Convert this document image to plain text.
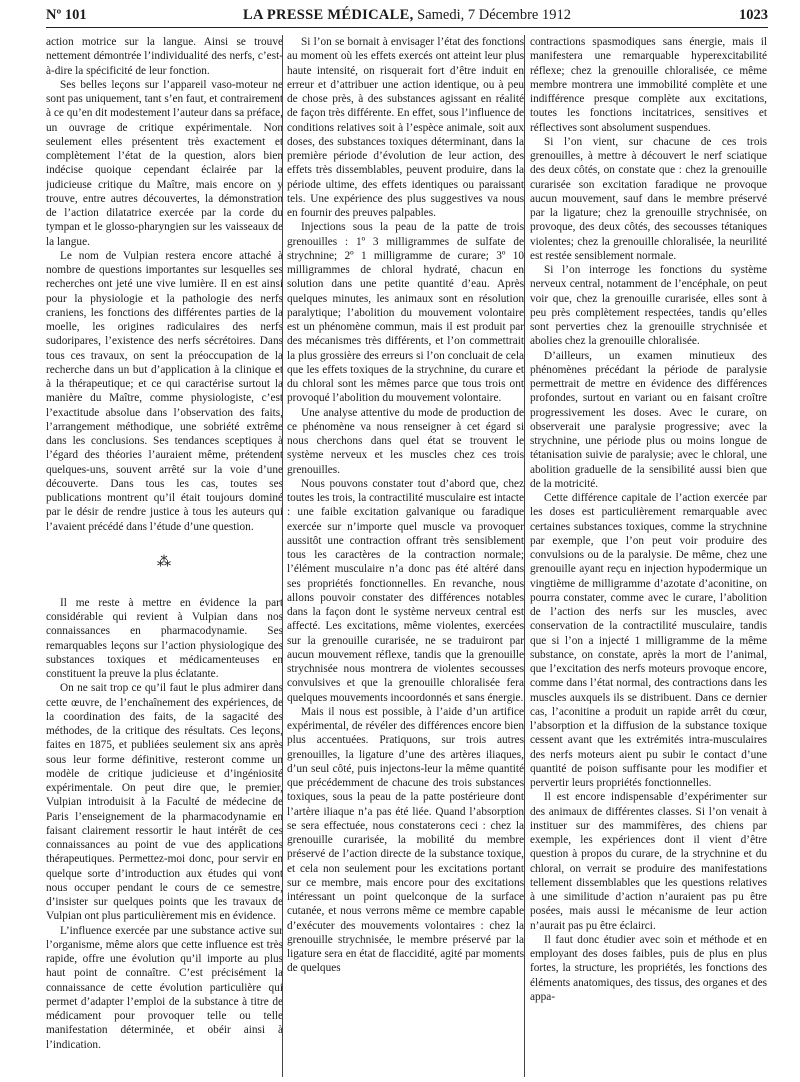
Nº 101	LA PRESSE MÉDICALE, Samedi, 7 Décembre 1912	1023

action motrice sur la langue. Ainsi se trouve nettement démontrée l’individualité des nerfs, c’est-à-dire la spécificité de leur fonction.

Ses belles leçons sur l’appareil vaso-moteur ne sont pas uniquement, tant s’en faut, et contrairement à ce qu’en dit modestement l’auteur dans sa préface, un ouvrage de critique expérimentale. Non seulement elles présentent très exactement et complètement l’état de la question, alors bien indécise quoique cependant éclairée par la judicieuse critique du Maître, mais encore on y trouve, entre autres découvertes, la démonstration de l’action dilatatrice exercée par la corde du tympan et le glosso-pharyngien sur les vaisseaux de la langue.

Le nom de Vulpian restera encore attaché à nombre de questions importantes sur lesquelles ses recherches ont jeté une vive lumière. Il en est ainsi pour la physiologie et la pathologie des nerfs craniens, les fonctions des différentes parties de la moelle, les origines radiculaires des nerfs sudoripares, l’existence des nerfs sécrétoires. Dans tous ces travaux, on sent la préoccupation de la recherche dans un but d’application à la clinique et à la thérapeutique; et ce qui caractérise surtout la manière du Maître, comme physiologiste, c’est l’exactitude absolue dans l’observation des faits, l’arrangement méthodique, une sobriété extrême dans les conclusions. Ses tendances sceptiques à l’égard des théories l’auraient même, prétendent quelques-uns, souvent arrêté sur la voie d’une découverte. Dans tous les cas, toutes ses publications montrent qu’il était toujours dominé par le désir de rendre justice à tous les auteurs qui l’avaient précédé dans l’étude d’une question.

⁂

Il me reste à mettre en évidence la part considérable qui revient à Vulpian dans nos connaissances en pharmacodynamie. Ses remarquables leçons sur l’action physiologique des substances toxiques et médicamenteuses en constituent la preuve la plus éclatante.

On ne sait trop ce qu’il faut le plus admirer dans cette œuvre, de l’enchaînement des expériences, de la coordination des faits, de la sagacité des méthodes, de la critique des résultats. Ces leçons, faites en 1875, et publiées seulement six ans après sous leur forme définitive, resteront comme un modèle de critique judicieuse et d’ingéniosité expérimentale. On peut dire que, le premier, Vulpian introduisit à la Faculté de médecine de Paris l’enseignement de la pharmacodynamie en faisant clairement ressortir le haut intérêt de ces connaissances au point de vue des applications thérapeutiques. Permettez-moi donc, pour servir en quelque sorte d’introduction aux études qui vont nous occuper pendant le cours de ce semestre, d’insister sur quelques points que les travaux de Vulpian ont plus particulièrement mis en évidence.

L’influence exercée par une substance active sur l’organisme, même alors que cette influence est très rapide, offre une évolution qu’il importe au plus haut point de connaître. C’est précisément la connaissance de cette évolution particulière qui permet d’adapter l’emploi de la substance à titre de médicament pour provoquer telle ou telle manifestation déterminée, et obéir ainsi à l’indication.

Si l’on se bornait à envisager l’état des fonctions au moment où les effets exercés ont atteint leur plus haute intensité, on risquerait fort d’être induit en erreur et d’attribuer une action identique, ou à peu de chose près, à des substances agissant en réalité de façon très différente. En effet, sous l’influence de conditions relatives soit à l’espèce animale, soit aux doses, des substances toxiques déterminant, dans la première période d’évolution de leur action, des effets très dissemblables, peuvent produire, dans la période ultime, des effets identiques ou paraissant tels. Une expérience des plus suggestives va nous en fournir des preuves palpables.

Injections sous la peau de la patte de trois grenouilles : 1º 3 milligrammes de sulfate de strychnine; 2º 1 milligramme de curare; 3º 10 milligrammes de chloral hydraté, chacun en solution dans une petite quantité d’eau. Après quelques minutes, les animaux sont en résolution paralytique; l’abolition du mouvement volontaire est un phénomène commun, mais il est produit par des mécanismes très différents, et l’on commettrait la plus grossière des erreurs si l’on concluait de cela que les effets toxiques de la strychnine, du curare et du chloral sont les mêmes parce que tous trois ont provoqué l’abolition du mouvement volontaire.

Une analyse attentive du mode de production de ce phénomène va nous renseigner à cet égard si nous cherchons dans quel état se trouvent le système nerveux et les muscles chez ces trois grenouilles.

Nous pouvons constater tout d’abord que, chez toutes les trois, la contractilité musculaire est intacte : une faible excitation galvanique ou faradique exercée sur n’importe quel muscle va provoquer aussitôt une contraction offrant très sensiblement tous les caractères de la contraction normale; l’élément musculaire n’a donc pas été altéré dans ses propriétés fonctionnelles. En revanche, nous allons pouvoir constater des différences notables dans la façon dont le système nerveux central est affecté. Les excitations, même violentes, exercées sur la grenouille curarisée, ne se traduiront par aucun mouvement réflexe, tandis que la grenouille strychnisée nous montrera de violentes secousses convulsives et que la grenouille chloralisée fera quelques mouvements incoordonnés et sans énergie.

Mais il nous est possible, à l’aide d’un artifice expérimental, de révéler des différences encore bien plus accentuées. Pratiquons, sur trois autres grenouilles, la ligature d’une des artères iliaques, d’un seul côté, puis injectons-leur la même quantité que précédemment de chacune des trois substances toxiques, sous la peau de la patte postérieure dont l’artère iliaque n’a pas été liée. Quand l’absorption se sera effectuée, nous constaterons ceci : chez la grenouille curarisée, la mobilité du membre préservé de l’action directe de la substance toxique, et cela non seulement pour les excitations portant sur ce membre, mais encore pour des excitations intéressant un point quelconque de la surface cutanée, et nous verrons même ce membre capable d’exécuter des mouvements volontaires : chez la grenouille strychnisée, le membre préservé par la ligature sera en état de flaccidité, agité par moments de quelques

contractions spasmodiques sans énergie, mais il manifestera une remarquable hyperexcitabilité réflexe; chez la grenouille chloralisée, ce même membre montrera une immobilité complète et une indifférence presque complète aux excitations, toutes les fonctions incitatrices, sensitives et réflectives sont absolument suspendues.

Si l’on vient, sur chacune de ces trois grenouilles, à mettre à découvert le nerf sciatique des deux côtés, on constate que : chez la grenouille curarisée son excitation faradique ne provoque aucun mouvement, sauf dans le membre préservé par la ligature; chez la grenouille strychnisée, on provoque, des deux côtés, des secousses tétaniques violentes; chez la grenouille chloralisée, la neurilité est restée sensiblement normale.

Si l’on interroge les fonctions du système nerveux central, notamment de l’encéphale, on peut voir que, chez la grenouille curarisée, elles sont à peu près complètement respectées, tandis qu’elles sont perverties chez la grenouille strychnisée et abolies chez la grenouille chloralisée.

D’ailleurs, un examen minutieux des phénomènes précédant la période de paralysie permettrait de mettre en évidence des différences profondes, surtout en variant ou en faisant croître progressivement les doses. Avec le curare, on observerait une paralysie progressive; avec la strychnine, une période plus ou moins longue de tétanisation suivie de paralysie; avec le chloral, une abolition graduelle de la sensibilité aussi bien que de la motricité.

Cette différence capitale de l’action exercée par les doses est particulièrement remarquable avec certaines substances toxiques, comme la strychnine par exemple, que l’on peut voir produire des convulsions ou de la paralysie. De même, chez une grenouille ayant reçu en injection hypodermique un vingtième de milligramme d’azotate d’aconitine, on pourra constater, comme avec le curare, l’abolition de l’action des nerfs sur les muscles, avec conservation de la contractilité musculaire, tandis que si l’on a injecté 1 milligramme de la même substance, on constate, après la mort de l’animal, que l’excitation des nerfs moteurs provoque encore, comme dans l’état normal, des contractions dans les muscles auxquels ils se distribuent. Dans ce dernier cas, l’aconitine a produit un rapide arrêt du cœur, l’absorption et la diffusion de la substance toxique cessent avant que les extrémités intra-musculaires des nerfs moteurs aient pu subir le contact d’une quantité de poison suffisante pour les modifier et pervertir leurs propriétés fonctionnelles.

Il est encore indispensable d’expérimenter sur des animaux de différentes classes. Si l’on venait à instituer sur des mammifères, des chiens par exemple, les expériences dont il vient d’être question à propos du curare, de la strychnine et du chloral, on verrait se produire des manifestations tellement dissemblables que les questions relatives à une similitude d’action n’auraient pas pu être posées, mais aussi le mécanisme de leur action n’aurait pas pu être éclairci.

Il faut donc étudier avec soin et méthode et en employant des doses faibles, puis de plus en plus fortes, la structure, les propriétés, les fonctions des éléments anatomiques, des tissus, des organes et des appa-
